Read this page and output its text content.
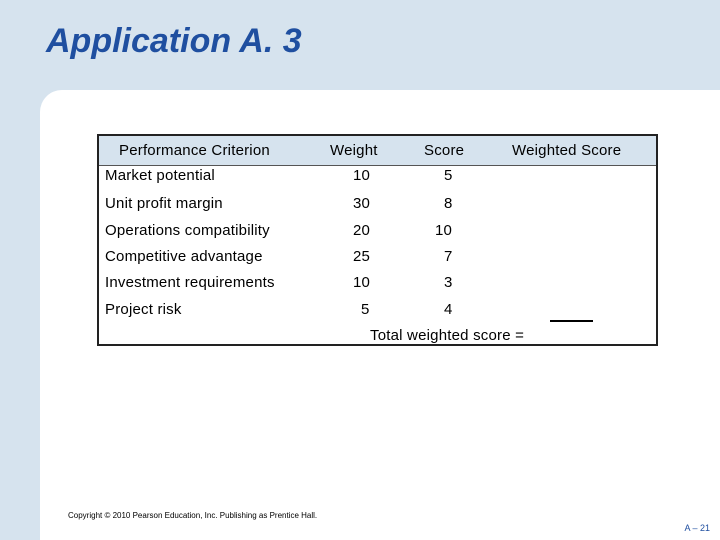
Application A. 3
Performance Criterion	Weight	Score	Weighted Score
Market potential	10	5
Unit profit margin	30	8
Operations compatibility	20	10
Competitive advantage	25	7
Investment requirements	10	3
Project risk	5	4
Total weighted score =
Copyright © 2010 Pearson Education, Inc. Publishing as Prentice Hall.
A – 21
